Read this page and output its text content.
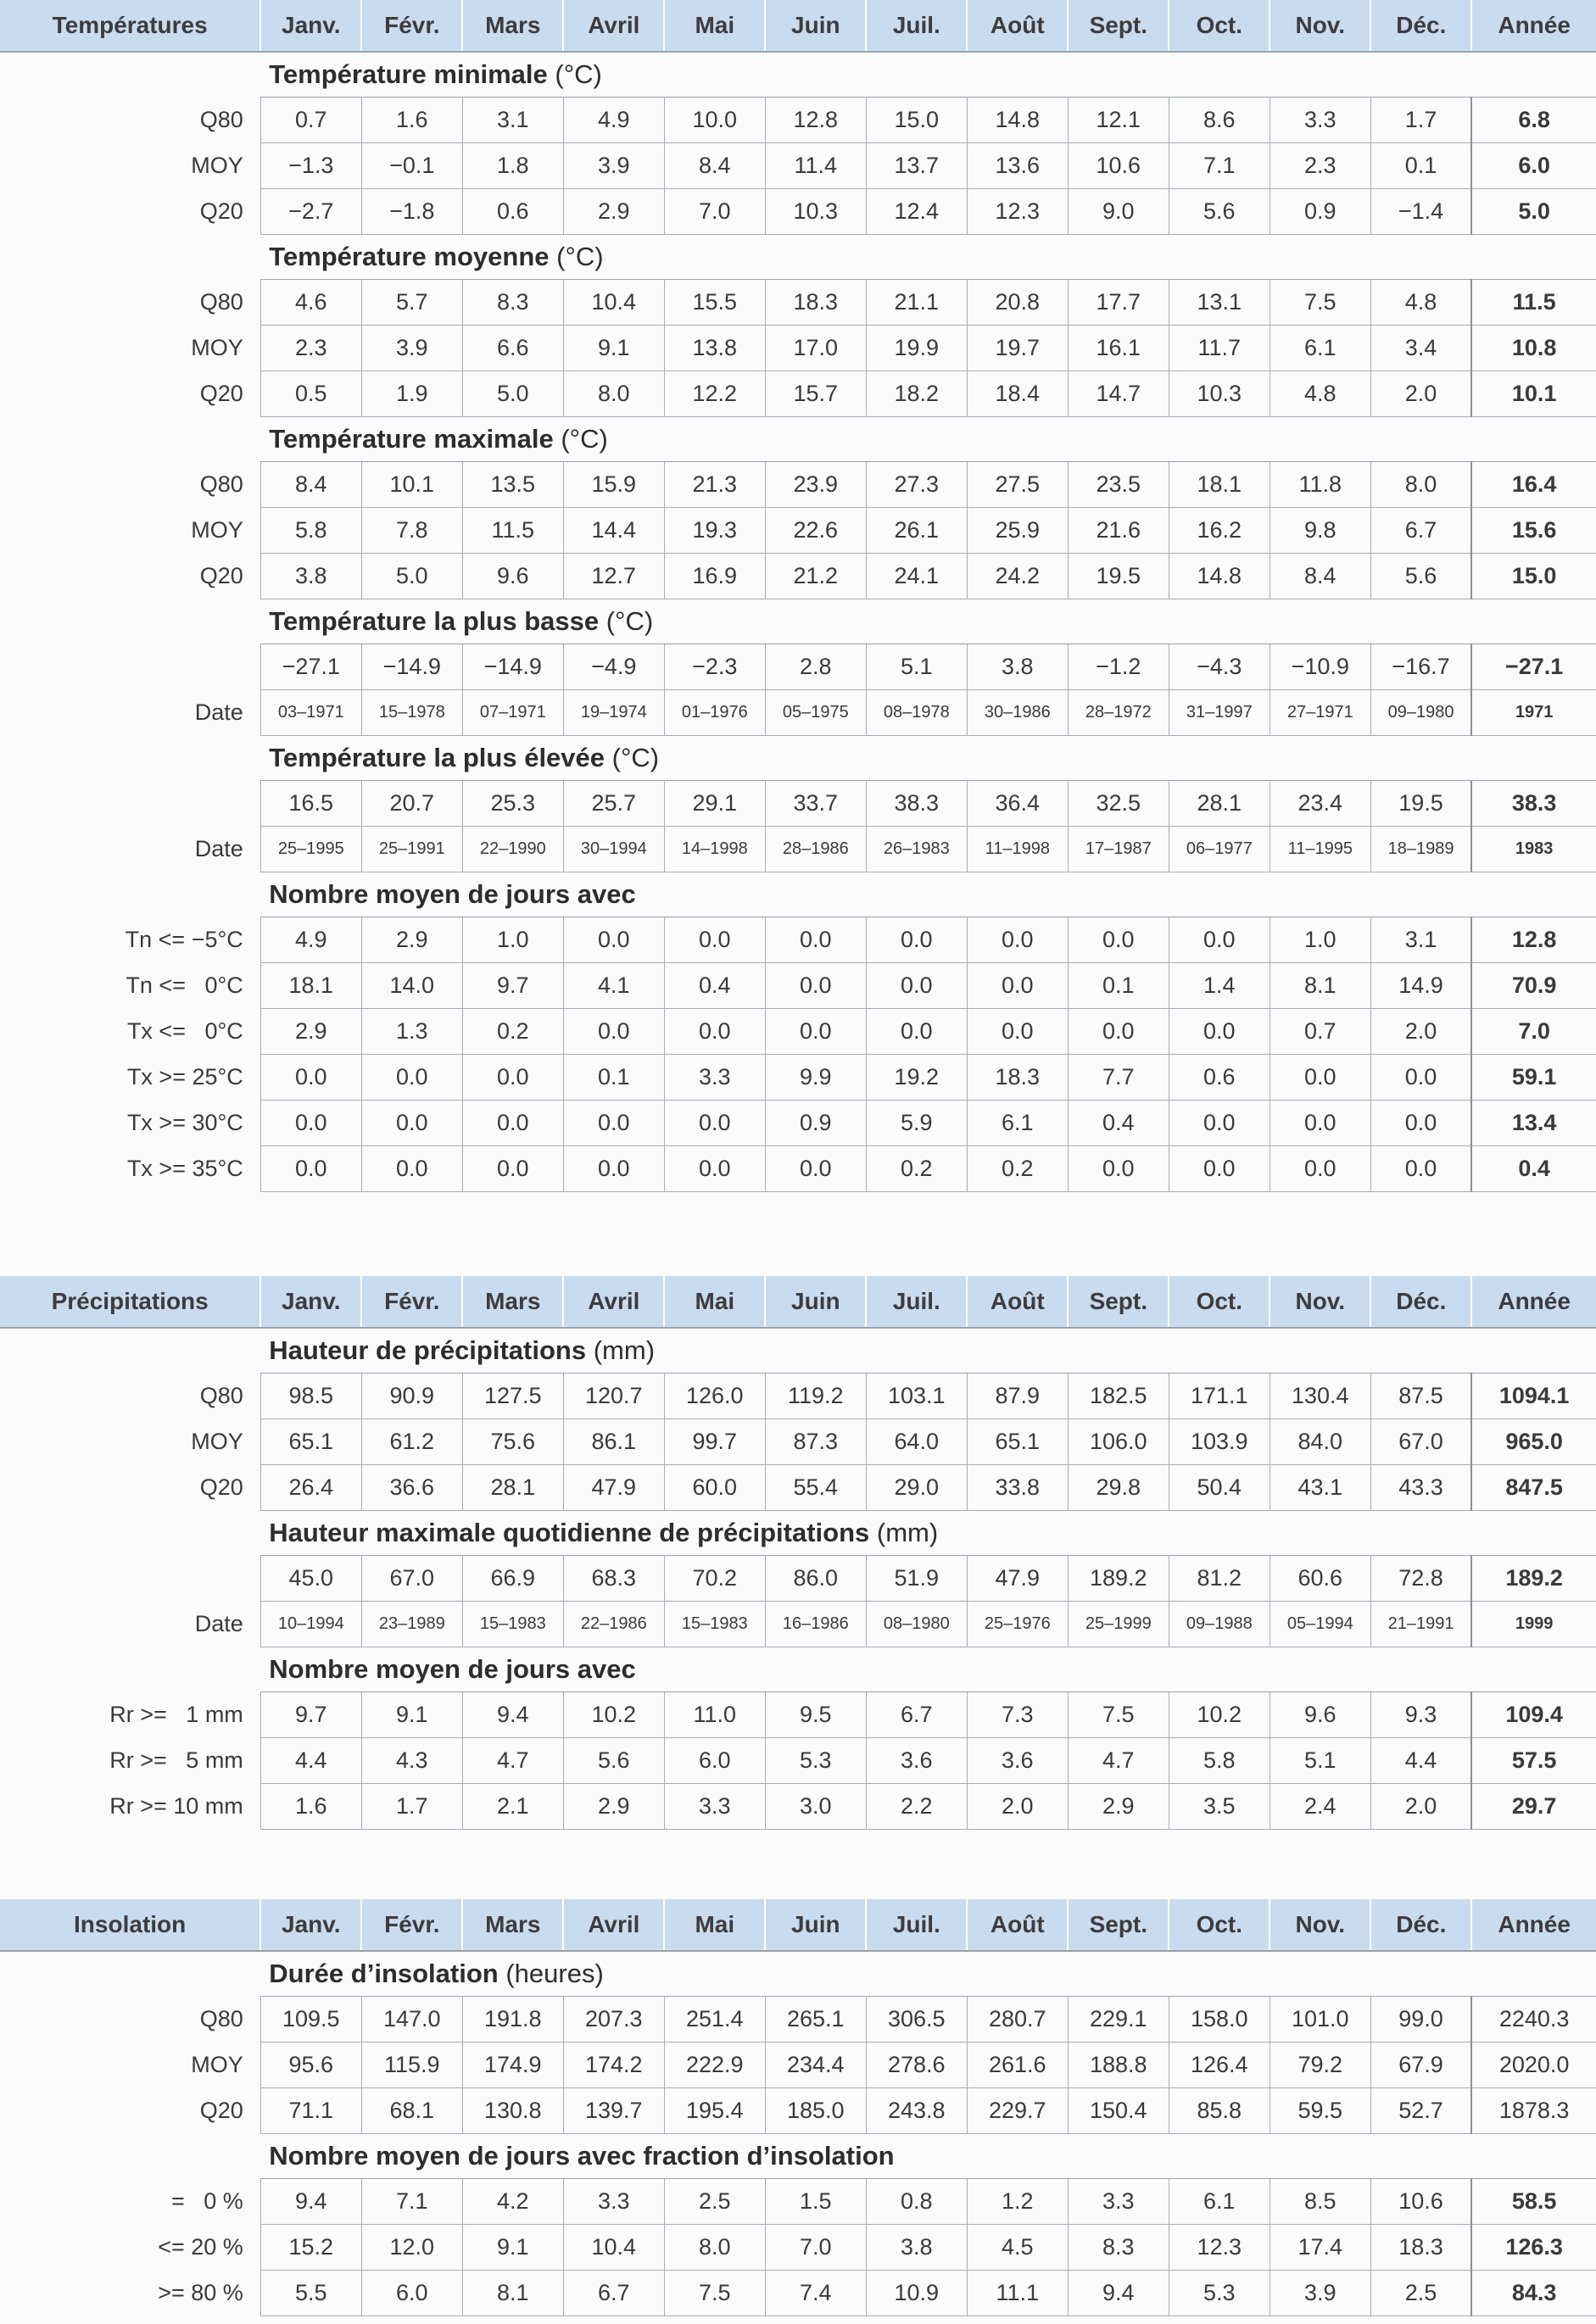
Températures	Janv.	Févr.	Mars	Avril	Mai	Juin	Juil.	Août	Sept.	Oct.	Nov.	Déc.	Année
	Température minimale (°C)												
Q80	0.7	1.6	3.1	4.9	10.0	12.8	15.0	14.8	12.1	8.6	3.3	1.7	6.8
MOY	−1.3	−0.1	1.8	3.9	8.4	11.4	13.7	13.6	10.6	7.1	2.3	0.1	6.0
Q20	−2.7	−1.8	0.6	2.9	7.0	10.3	12.4	12.3	9.0	5.6	0.9	−1.4	5.0
	Température moyenne (°C)												
Q80	4.6	5.7	8.3	10.4	15.5	18.3	21.1	20.8	17.7	13.1	7.5	4.8	11.5
MOY	2.3	3.9	6.6	9.1	13.8	17.0	19.9	19.7	16.1	11.7	6.1	3.4	10.8
Q20	0.5	1.9	5.0	8.0	12.2	15.7	18.2	18.4	14.7	10.3	4.8	2.0	10.1
	Température maximale (°C)												
Q80	8.4	10.1	13.5	15.9	21.3	23.9	27.3	27.5	23.5	18.1	11.8	8.0	16.4
MOY	5.8	7.8	11.5	14.4	19.3	22.6	26.1	25.9	21.6	16.2	9.8	6.7	15.6
Q20	3.8	5.0	9.6	12.7	16.9	21.2	24.1	24.2	19.5	14.8	8.4	5.6	15.0
	Température la plus basse (°C)												
	−27.1	−14.9	−14.9	−4.9	−2.3	2.8	5.1	3.8	−1.2	−4.3	−10.9	−16.7	−27.1
Date	03–1971	15–1978	07–1971	19–1974	01–1976	05–1975	08–1978	30–1986	28–1972	31–1997	27–1971	09–1980	1971
	Température la plus élevée (°C)												
	16.5	20.7	25.3	25.7	29.1	33.7	38.3	36.4	32.5	28.1	23.4	19.5	38.3
Date	25–1995	25–1991	22–1990	30–1994	14–1998	28–1986	26–1983	11–1998	17–1987	06–1977	11–1995	18–1989	1983
	Nombre moyen de jours avec												
Tn <= −5°C	4.9	2.9	1.0	0.0	0.0	0.0	0.0	0.0	0.0	0.0	1.0	3.1	12.8
Tn <=   0°C	18.1	14.0	9.7	4.1	0.4	0.0	0.0	0.0	0.1	1.4	8.1	14.9	70.9
Tx <=   0°C	2.9	1.3	0.2	0.0	0.0	0.0	0.0	0.0	0.0	0.0	0.7	2.0	7.0
Tx >= 25°C	0.0	0.0	0.0	0.1	3.3	9.9	19.2	18.3	7.7	0.6	0.0	0.0	59.1
Tx >= 30°C	0.0	0.0	0.0	0.0	0.0	0.9	5.9	6.1	0.4	0.0	0.0	0.0	13.4
Tx >= 35°C	0.0	0.0	0.0	0.0	0.0	0.0	0.2	0.2	0.0	0.0	0.0	0.0	0.4
Précipitations	Janv.	Févr.	Mars	Avril	Mai	Juin	Juil.	Août	Sept.	Oct.	Nov.	Déc.	Année
	Hauteur de précipitations (mm)												
Q80	98.5	90.9	127.5	120.7	126.0	119.2	103.1	87.9	182.5	171.1	130.4	87.5	1094.1
MOY	65.1	61.2	75.6	86.1	99.7	87.3	64.0	65.1	106.0	103.9	84.0	67.0	965.0
Q20	26.4	36.6	28.1	47.9	60.0	55.4	29.0	33.8	29.8	50.4	43.1	43.3	847.5
	Hauteur maximale quotidienne de précipitations (mm)												
	45.0	67.0	66.9	68.3	70.2	86.0	51.9	47.9	189.2	81.2	60.6	72.8	189.2
Date	10–1994	23–1989	15–1983	22–1986	15–1983	16–1986	08–1980	25–1976	25–1999	09–1988	05–1994	21–1991	1999
	Nombre moyen de jours avec												
Rr >=   1 mm	9.7	9.1	9.4	10.2	11.0	9.5	6.7	7.3	7.5	10.2	9.6	9.3	109.4
Rr >=   5 mm	4.4	4.3	4.7	5.6	6.0	5.3	3.6	3.6	4.7	5.8	5.1	4.4	57.5
Rr >= 10 mm	1.6	1.7	2.1	2.9	3.3	3.0	2.2	2.0	2.9	3.5	2.4	2.0	29.7
Insolation	Janv.	Févr.	Mars	Avril	Mai	Juin	Juil.	Août	Sept.	Oct.	Nov.	Déc.	Année
	Durée d’insolation (heures)												
Q80	109.5	147.0	191.8	207.3	251.4	265.1	306.5	280.7	229.1	158.0	101.0	99.0	2240.3
MOY	95.6	115.9	174.9	174.2	222.9	234.4	278.6	261.6	188.8	126.4	79.2	67.9	2020.0
Q20	71.1	68.1	130.8	139.7	195.4	185.0	243.8	229.7	150.4	85.8	59.5	52.7	1878.3
	Nombre moyen de jours avec fraction d’insolation												
=   0 %	9.4	7.1	4.2	3.3	2.5	1.5	0.8	1.2	3.3	6.1	8.5	10.6	58.5
<= 20 %	15.2	12.0	9.1	10.4	8.0	7.0	3.8	4.5	8.3	12.3	17.4	18.3	126.3
>= 80 %	5.5	6.0	8.1	6.7	7.5	7.4	10.9	11.1	9.4	5.3	3.9	2.5	84.3
